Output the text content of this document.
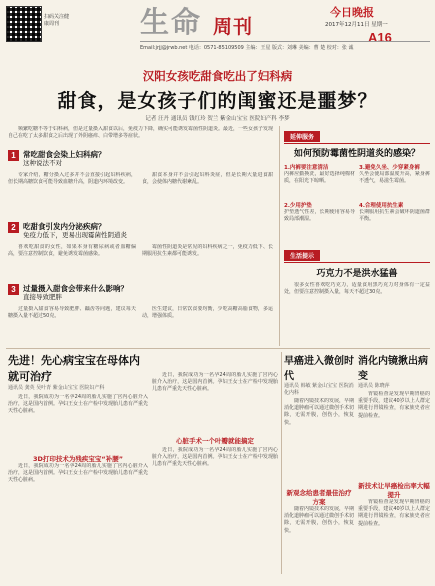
扫码关注健康周刊	生命 周刊
今日晚报
2017年12月11日 星期一
A16
Email:jrjj@jrwb.net 电话：0571-85109509 主编：王星 版式：刘琳 美编：曹 楚 校对：张 诚
汉阳女孩吃甜食吃出了妇科病
甜食，是女孩子们的闺蜜还是噩梦？
记者 汪丹 通讯员 钱红玲 贺兰 紫金山宝宝 医院妇产科 李梦

频繁吃糖不等于妇科病，但是过量摄入甜食以后，免疫力下降，确实可能诱发霉菌性阴道炎。最近，一些女孩子发现自己在吃了太多甜食之后出现了外阴瘙痒、白带增多等症状。

1 常吃甜食会染上妇科病？
这种说法不对

专家介绍，糖分摄入过多并不会直接引起妇科疾病，但长期高糖饮食可能导致血糖升高，阴道内环境改变。

甜食本身并不会引起妇科炎症，但是长期大量进食甜食，会使体内糖代谢紊乱。

2 吃甜食引发内分泌疾病？
免疫力低下，更易出现霉菌性阴道炎

喜欢吃甜食的女性，如果本身有糖尿病或者血糖偏高，要注意控制饮食，避免诱发霉菌感染。

霉菌性阴道炎是常见的妇科疾病之一，免疫力低下、长期服用抗生素都可能诱发。

3 过量摄入甜食会带来什么影响？
直接导致肥胖

过量摄入甜食容易导致肥胖、龋齿等问题，建议每天糖摄入量不超过50克。

医生建议，日常饮食要均衡，少吃高糖高脂食物，多运动，增强体质。

延伸服务
如何预防霉菌性阴道炎的感染？
1.内裤要注意清洁
内裤应勤换洗，最好选择纯棉材质，在阳光下晾晒。
2.少用护垫
护垫透气性差，长期使用容易导致局部潮湿。
3.避免久坐、少穿紧身裤
久坐会使局部温度升高，紧身裤不透气，易滋生霉菌。
4.合理使用抗生素
长期服用抗生素会破坏阴道菌群平衡。
生活提示
巧克力不是洪水猛兽

很多女性喜欢吃巧克力，适量食用黑巧克力对身体有一定益处，但要注意控制摄入量，每天不超过30克。

先进！先心病宝宝在母体内就可治疗
通讯员 龚英 吴叶青 紫金山宝宝 医院妇产科

近日，我院成功为一名孕24周的胎儿实施了宫内心脏介入治疗，这是国内首例。孕妇王女士在产检中发现胎儿患有严重先天性心脏病。

3D打印技术为残疾宝宝“补腰”

近日，我院成功为一名孕24周的胎儿实施了宫内心脏介入治疗，这是国内首例。孕妇王女士在产检中发现胎儿患有严重先天性心脏病。

心脏手术一个叶瓣就能搞定

近日，我院成功为一名孕24周的胎儿实施了宫内心脏介入治疗，这是国内首例。孕妇王女士在产检中发现胎儿患有严重先天性心脏病。

近日，我院成功为一名孕24周的胎儿实施了宫内心脏介入治疗，这是国内首例。孕妇王女士在产检中发现胎儿患有严重先天性心脏病。

早癌进入微创时代
通讯员 韩敏 紫金山宝宝 医院消化内科

随着内镜技术的发展，早期消化道肿瘤可以通过微创手术切除，无需开腹，创伤小，恢复快。

新观念给患者最佳治疗方案

随着内镜技术的发展，早期消化道肿瘤可以通过微创手术切除，无需开腹，创伤小，恢复快。

消化内镜揪出病变
通讯员 陈晓萍

胃镜检查是发现早期胃癌的重要手段，建议40岁以上人群定期进行胃镜检查，有家族史者应提前检查。

新技术让早癌检出率大幅提升

胃镜检查是发现早期胃癌的重要手段，建议40岁以上人群定期进行胃镜检查，有家族史者应提前检查。
